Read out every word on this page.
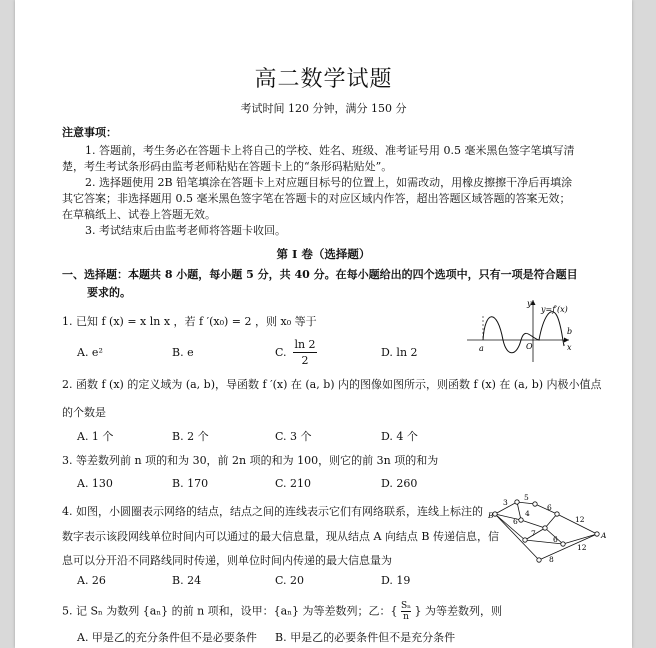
高二数学试题
考试时间 120 分钟，满分 150 分
注意事项：
1. 答题前，考生务必在答题卡上将自己的学校、姓名、班级、准考证号用 0.5 毫米黑色签字笔填写清
楚，考生考试条形码由监考老师粘贴在答题卡上的“条形码粘贴处”。
2. 选择题使用 2B 铅笔填涂在答题卡上对应题目标号的位置上，如需改动，用橡皮擦擦干净后再填涂
其它答案；非选择题用 0.5 毫米黑色签字笔在答题卡的对应区域内作答，超出答题区域答题的答案无效；
在草稿纸上、试卷上答题无效。
3. 考试结束后由监考老师将答题卡收回。
第 I 卷（选择题）
一、选择题：本题共 8 小题，每小题 5 分，共 40 分。在每小题给出的四个选项中，只有一项是符合题目
要求的。
1. 已知 f (x) = x ln x ，若 f ′(x₀) = 2 ，则 x₀ 等于
A. e²	B. e	C.
ln 2
2
D. ln 2
y
x
y=f′(x)
a
b
O
2. 函数 f (x) 的定义域为 (a, b)，导函数 f ′(x) 在 (a, b) 内的图像如图所示，则函数 f (x) 在 (a, b) 内极小值点
的个数是
A. 1 个	B. 2 个	C. 3 个	D. 4 个
3. 等差数列前 n 项的和为 30，前 2n 项的和为 100，则它的前 3n 项的和为
A. 130	B. 170	C. 210	D. 260
4. 如图，小圆圈表示网络的结点，结点之间的连线表示它们有网络联系，连线上标注的
数字表示该段网线单位时间内可以通过的最大信息量，现从结点 A 向结点 B 传递信息，信
息可以分开沿不同路线同时传递，则单位时间内传递的最大信息量为
A. 26	B. 24	C. 20	D. 19
B
A
3
5
4
6
12
6
7
6
12
8
5. 记 Sₙ 为数列 {aₙ} 的前 n 项和，设甲：{aₙ} 为等差数列；乙：{ $\frac{\text{Sₙ}}{n}$ } 为等差数列，则
A. 甲是乙的充分条件但不是必要条件 B. 甲是乙的必要条件但不是充分条件
